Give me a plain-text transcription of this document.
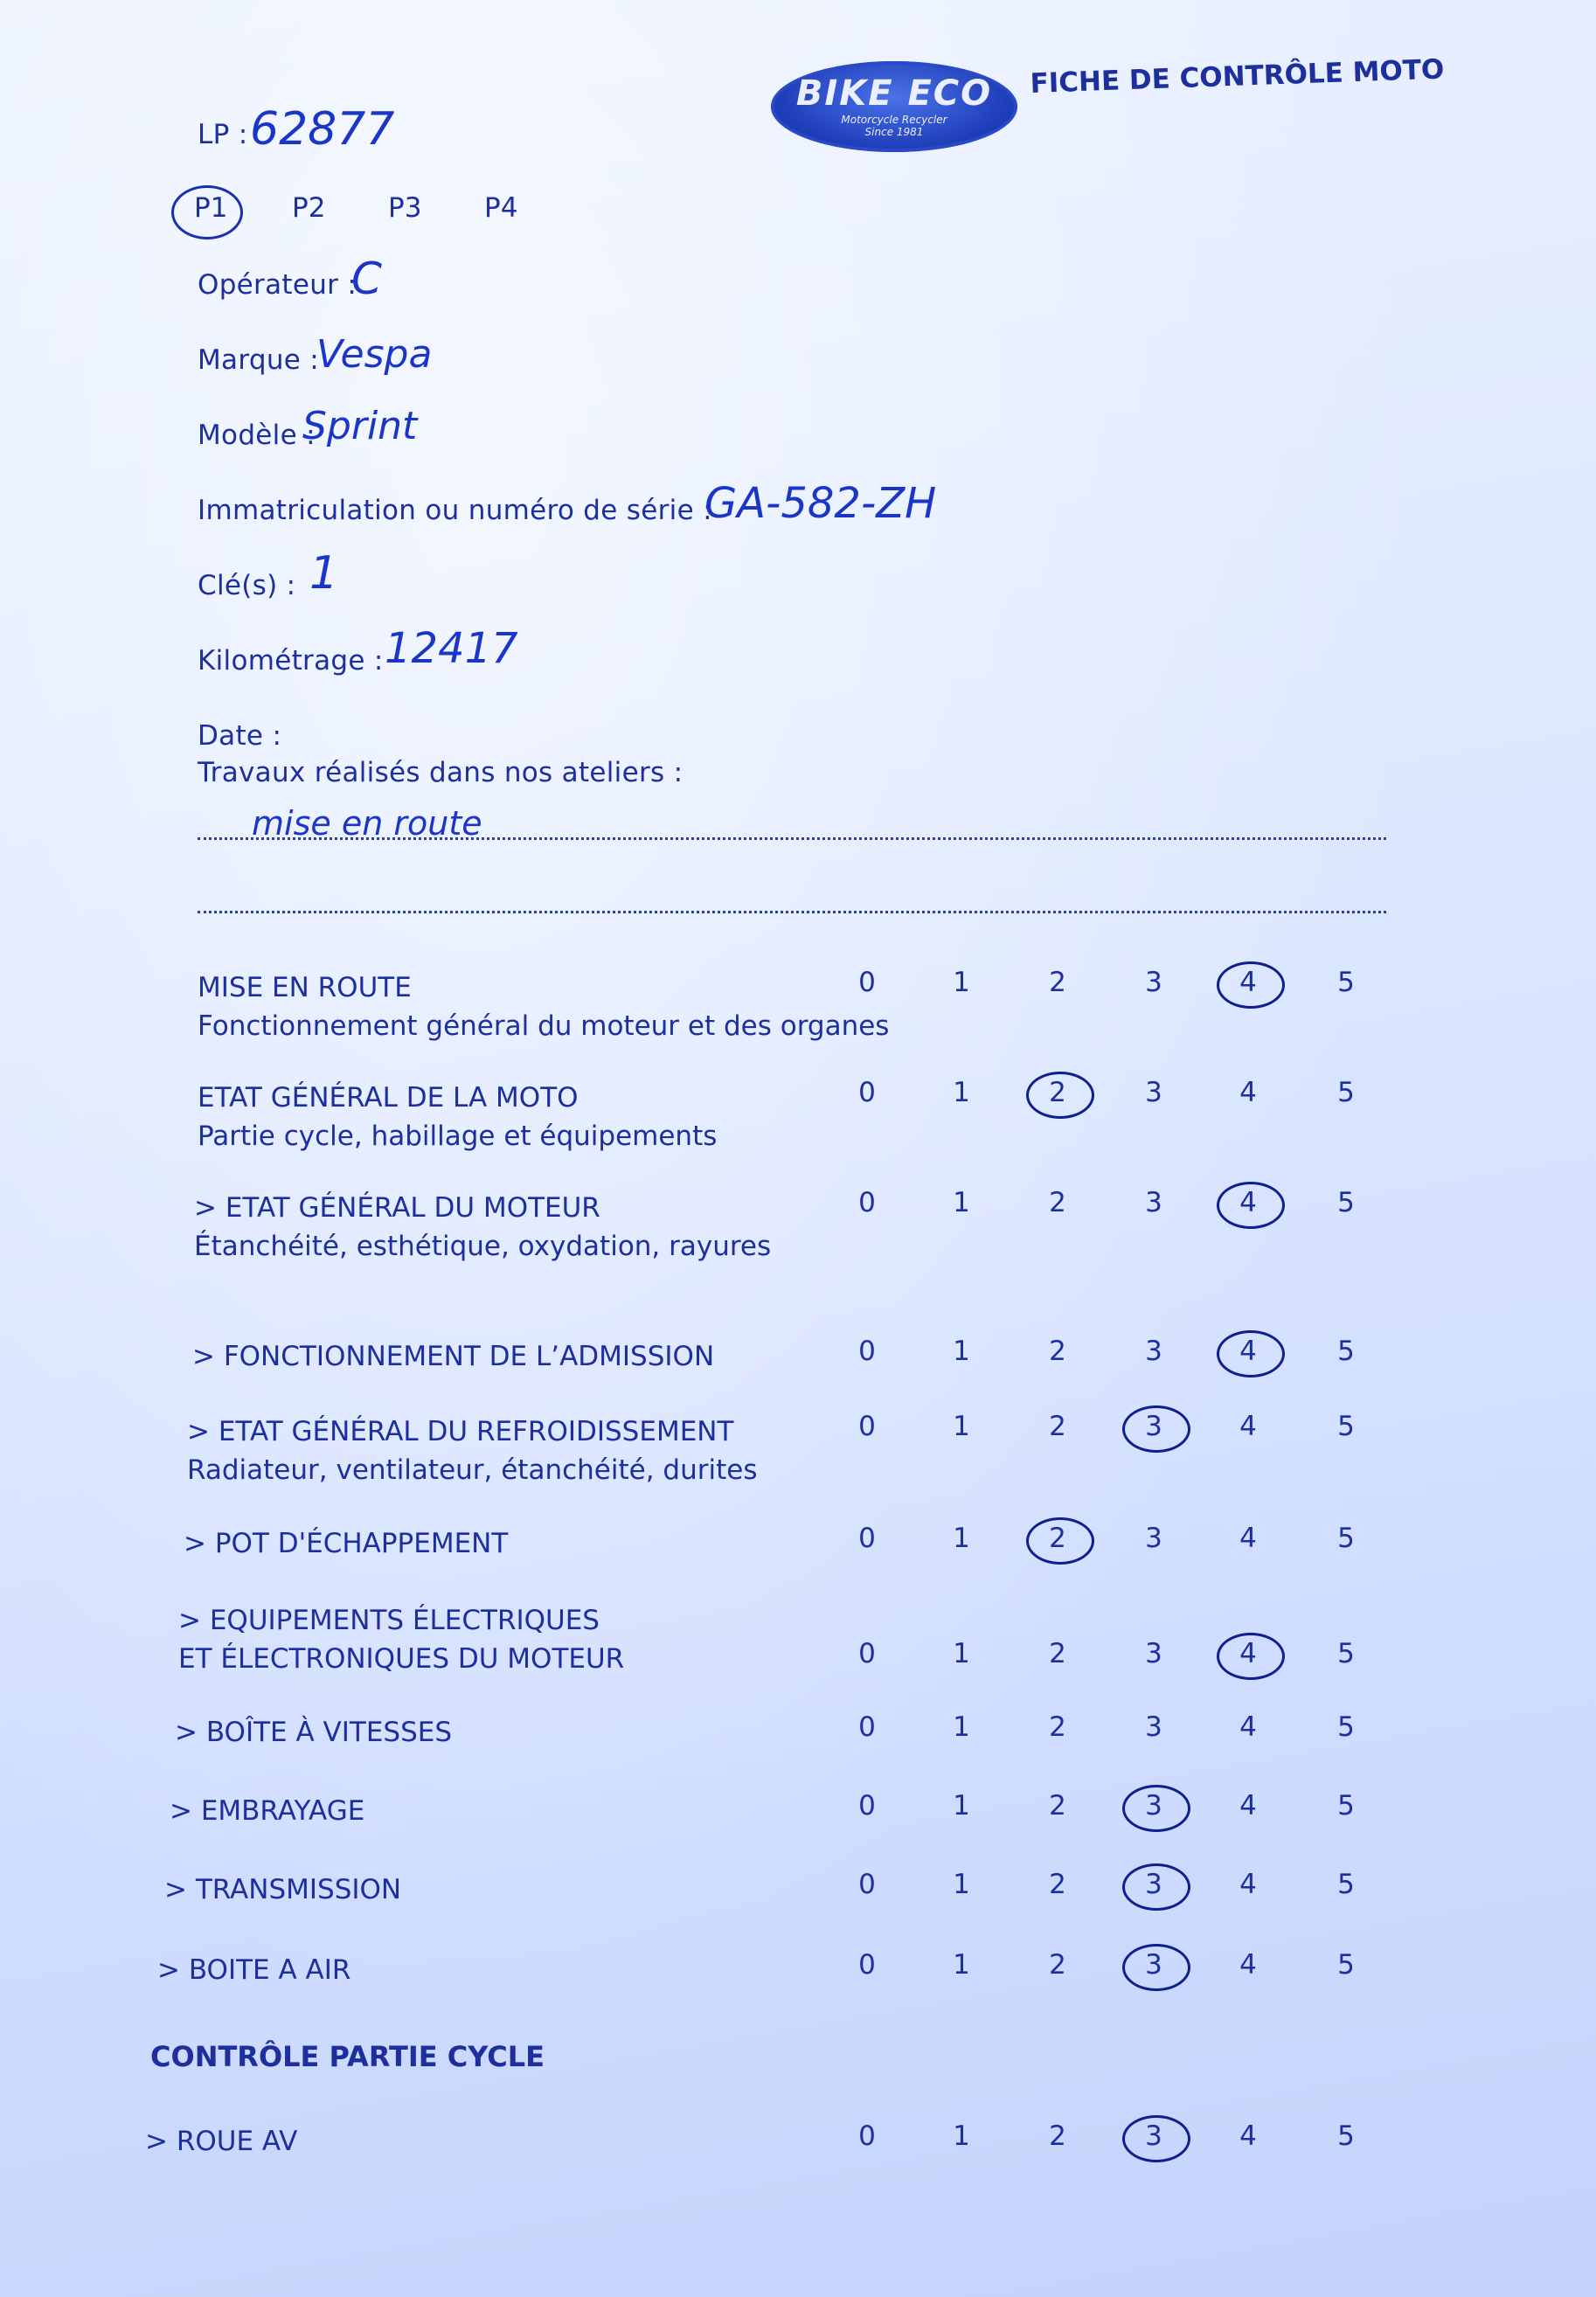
BIKE ECO
Motorcycle Recycler
Since 1981
FICHE DE CONTRÔLE MOTO
LP : 62877
P1 P2 P3 P4
Opérateur :
C
Marque :
Vespa
Modèle :
Sprint
Immatriculation ou numéro de série :
GA-582-ZH
Clé(s) : 1
Kilométrage : 12417
Date :
Travaux réalisés dans nos ateliers :
mise en route
MISE EN ROUTE
Fonctionnement général du moteur et des organes
0	1	2	3	4	5
ETAT GÉNÉRAL DE LA MOTO
Partie cycle, habillage et équipements
0	1	2	3	4	5
> ETAT GÉNÉRAL DU MOTEUR
Étanchéité, esthétique, oxydation, rayures
0	1	2	3	4	5
> FONCTIONNEMENT DE L’ADMISSION	0	1	2	3	4	5
> ETAT GÉNÉRAL DU REFROIDISSEMENT
Radiateur, ventilateur, étanchéité, durites
0	1	2	3	4	5
> POT D'ÉCHAPPEMENT	0	1	2	3	4	5
> EQUIPEMENTS ÉLECTRIQUES
ET ÉLECTRONIQUES DU MOTEUR	0	1	2	3	4	5
> BOÎTE À VITESSES	0	1	2	3	4	5
> EMBRAYAGE	0	1	2	3	4	5
> TRANSMISSION	0	1	2	3	4	5
> BOITE A AIR	0	1	2	3	4	5
CONTRÔLE PARTIE CYCLE
> ROUE AV	0	1	2	3	4	5
